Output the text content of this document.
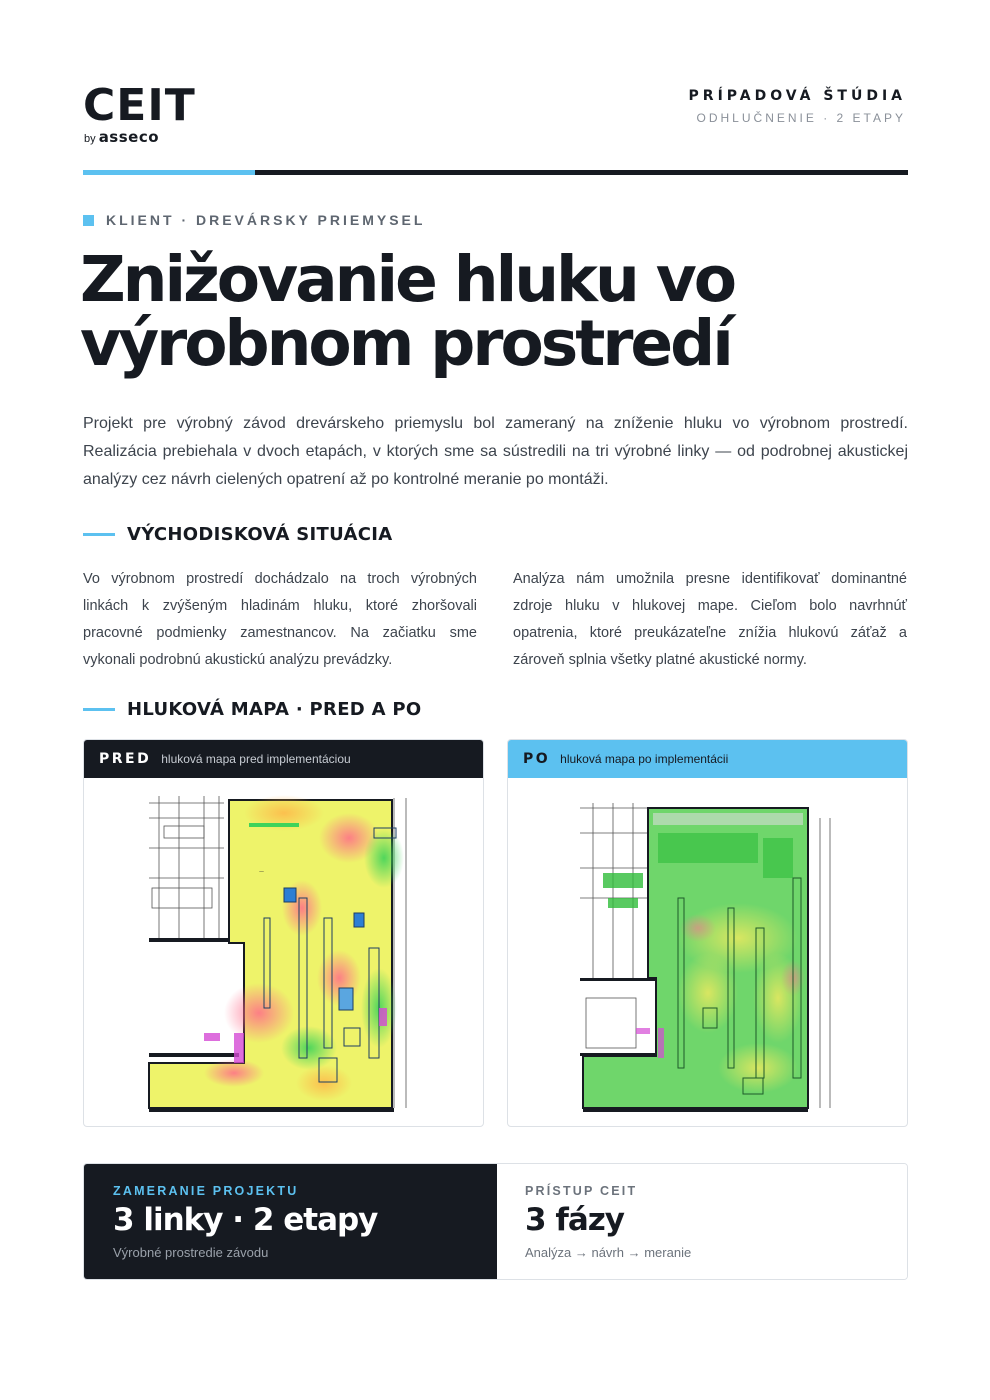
CEIT
by asseco
PRÍPADOVÁ ŠTÚDIA
ODHLUČNENIE · 2 ETAPY
KLIENT · DREVÁRSKY PRIEMYSEL
Znižovanie hluku vo
výrobnom prostredí

Projekt pre výrobný závod drevárskeho priemyslu bol zameraný na zníženie hluku vo výrobnom prostredí. Realizácia prebiehala v dvoch etapách, v ktorých sme sa sústredili na tri výrobné linky — od podrobnej akustickej analýzy cez návrh cielených opatrení až po kontrolné meranie po montáži.

VÝCHODISKOVÁ SITUÁCIA

Vo výrobnom prostredí dochádzalo na troch výrobných linkách k zvýšeným hladinám hluku, ktoré zhoršovali pracovné podmienky zamestnancov. Na začiatku sme vykonali podrobnú akustickú analýzu prevádzky.

Analýza nám umožnila presne identifikovať dominantné zdroje hluku v hlukovej mape. Cieľom bolo navrhnúť opatrenia, ktoré preukázateľne znížia hlukovú záťaž a zároveň splnia všetky platné akustické normy.

HLUKOVÁ MAPA · PRED A PO
PRED hluková mapa pred implementáciou
—
PO hluková mapa po implementácii
ZAMERANIE PROJEKTU
3 linky · 2 etapy
Výrobné prostredie závodu
PRÍSTUP CEIT
3 fázy
Analýza → návrh → meranie
